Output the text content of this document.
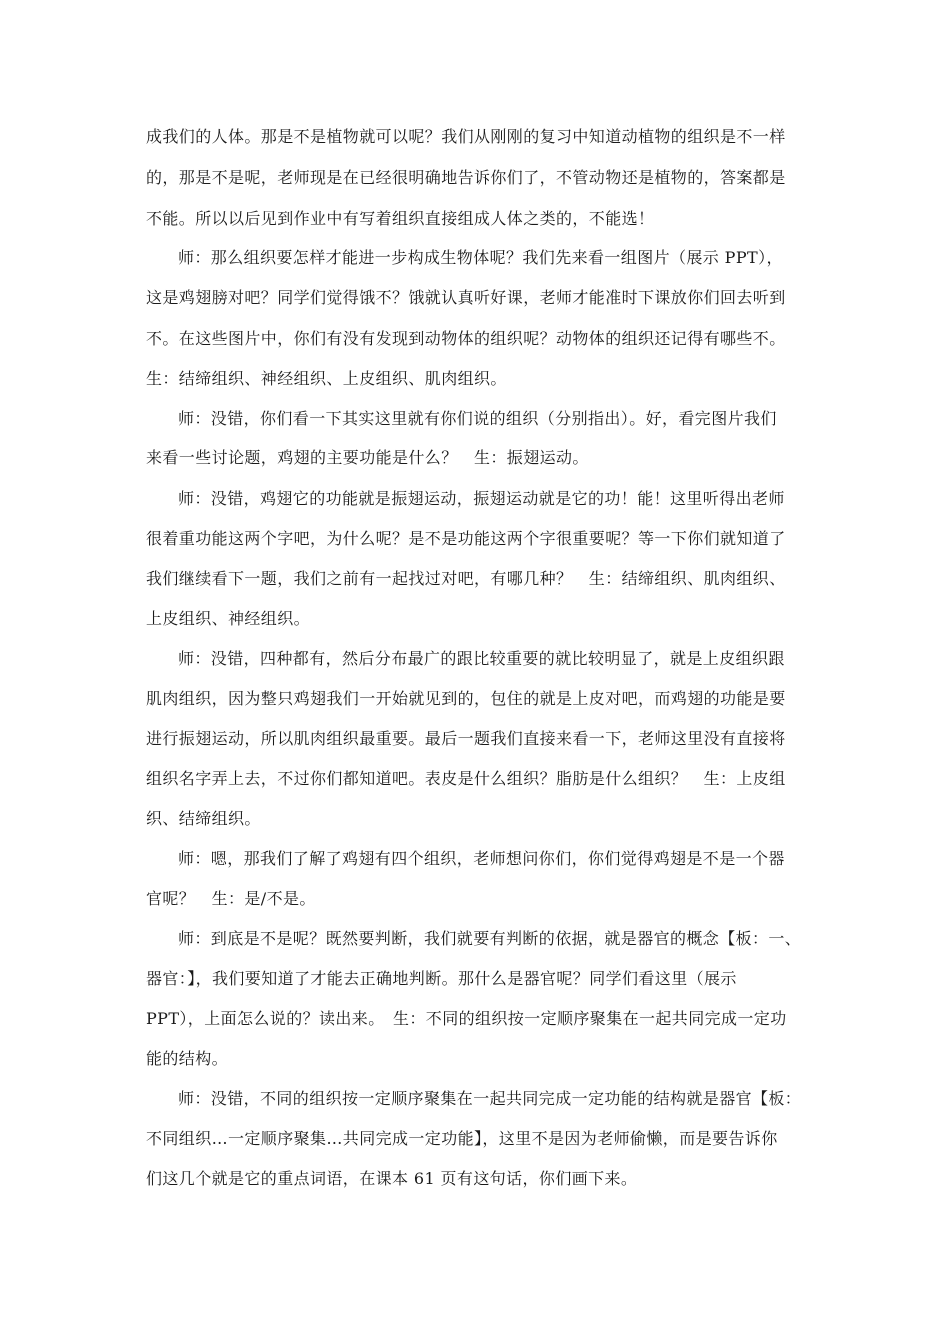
成我们的人体。那是不是植物就可以呢？我们从刚刚的复习中知道动植物的组织是不一样
的，那是不是呢，老师现是在已经很明确地告诉你们了，不管动物还是植物的，答案都是
不能。所以以后见到作业中有写着组织直接组成人体之类的，不能选！
师：那么组织要怎样才能进一步构成生物体呢？我们先来看一组图片（展示 PPT），
这是鸡翅膀对吧？同学们觉得饿不？饿就认真听好课，老师才能准时下课放你们回去听到
不。在这些图片中，你们有没有发现到动物体的组织呢？动物体的组织还记得有哪些不。
生：结缔组织、神经组织、上皮组织、肌肉组织。
师：没错，你们看一下其实这里就有你们说的组织（分别指出）。好，看完图片我们
来看一些讨论题，鸡翅的主要功能是什么？　生：振翅运动。
师：没错，鸡翅它的功能就是振翅运动，振翅运动就是它的功！能！这里听得出老师
很着重功能这两个字吧，为什么呢？是不是功能这两个字很重要呢？等一下你们就知道了
我们继续看下一题，我们之前有一起找过对吧，有哪几种？　生：结缔组织、肌肉组织、
上皮组织、神经组织。
师：没错，四种都有，然后分布最广的跟比较重要的就比较明显了，就是上皮组织跟
肌肉组织，因为整只鸡翅我们一开始就见到的，包住的就是上皮对吧，而鸡翅的功能是要
进行振翅运动，所以肌肉组织最重要。最后一题我们直接来看一下，老师这里没有直接将
组织名字弄上去，不过你们都知道吧。表皮是什么组织？脂肪是什么组织？　生：上皮组
织、结缔组织。
师：嗯，那我们了解了鸡翅有四个组织，老师想问你们，你们觉得鸡翅是不是一个器
官呢？　生：是/不是。
师：到底是不是呢？既然要判断，我们就要有判断的依据，就是器官的概念【板：一、
器官：】，我们要知道了才能去正确地判断。那什么是器官呢？同学们看这里（展示
PPT），上面怎么说的？读出来。　生：不同的组织按一定顺序聚集在一起共同完成一定功
能的结构。
师：没错，不同的组织按一定顺序聚集在一起共同完成一定功能的结构就是器官【板：
不同组织…一定顺序聚集…共同完成一定功能】，这里不是因为老师偷懒，而是要告诉你
们这几个就是它的重点词语，在课本 61 页有这句话，你们画下来。
